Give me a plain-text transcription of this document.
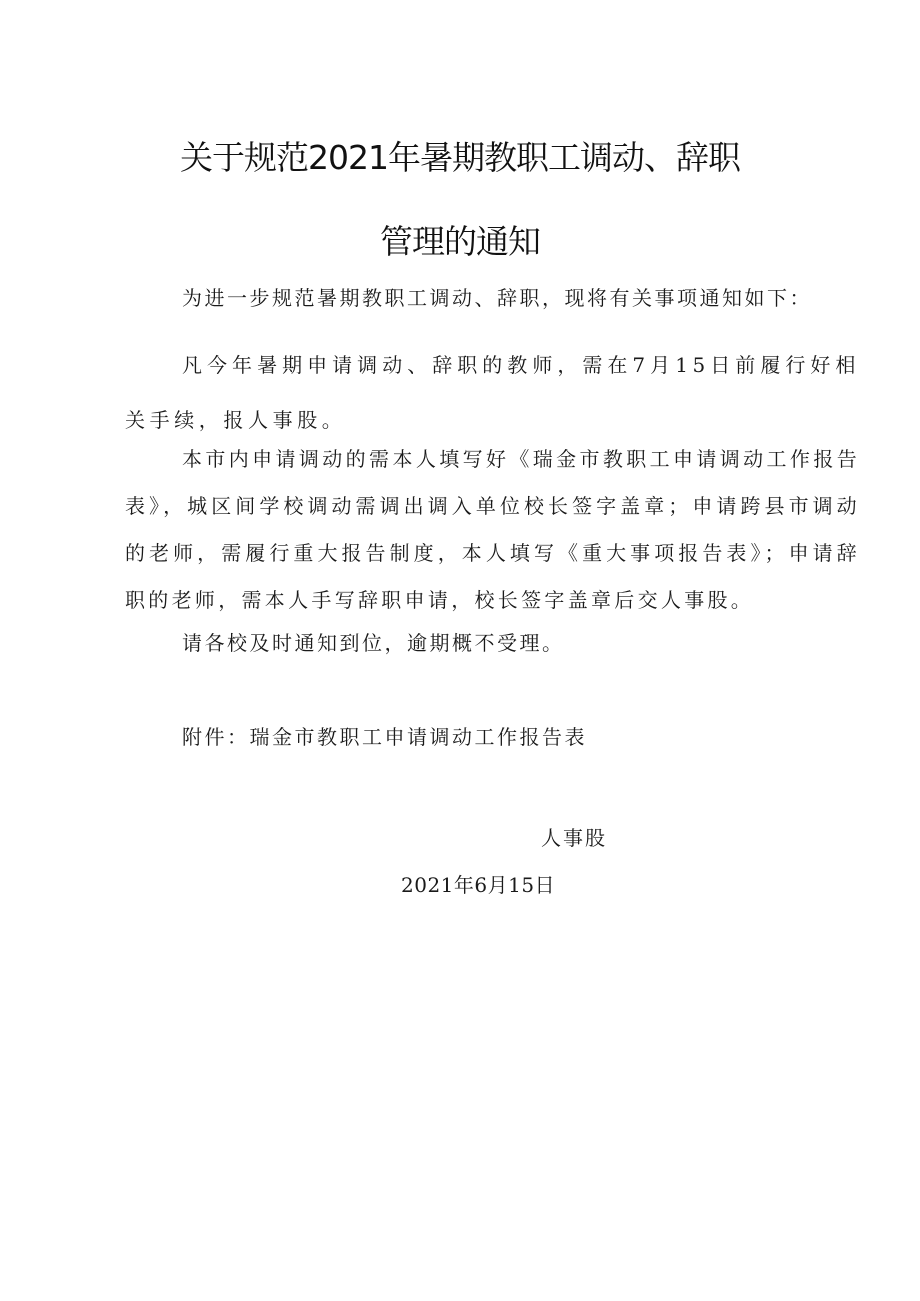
关于规范2021年暑期教职工调动、辞职
管理的通知

为进一步规范暑期教职工调动、辞职，现将有关事项通知如下：

凡今年暑期申请调动、辞职的教师，需在7月15日前履行好相关手续，报人事股。

本市内申请调动的需本人填写好《瑞金市教职工申请调动工作报告表》，城区间学校调动需调出调入单位校长签字盖章；申请跨县市调动的老师，需履行重大报告制度，本人填写《重大事项报告表》；申请辞职的老师，需本人手写辞职申请，校长签字盖章后交人事股。

请各校及时通知到位，逾期概不受理。

附件：瑞金市教职工申请调动工作报告表

人事股
2021年6月15日
